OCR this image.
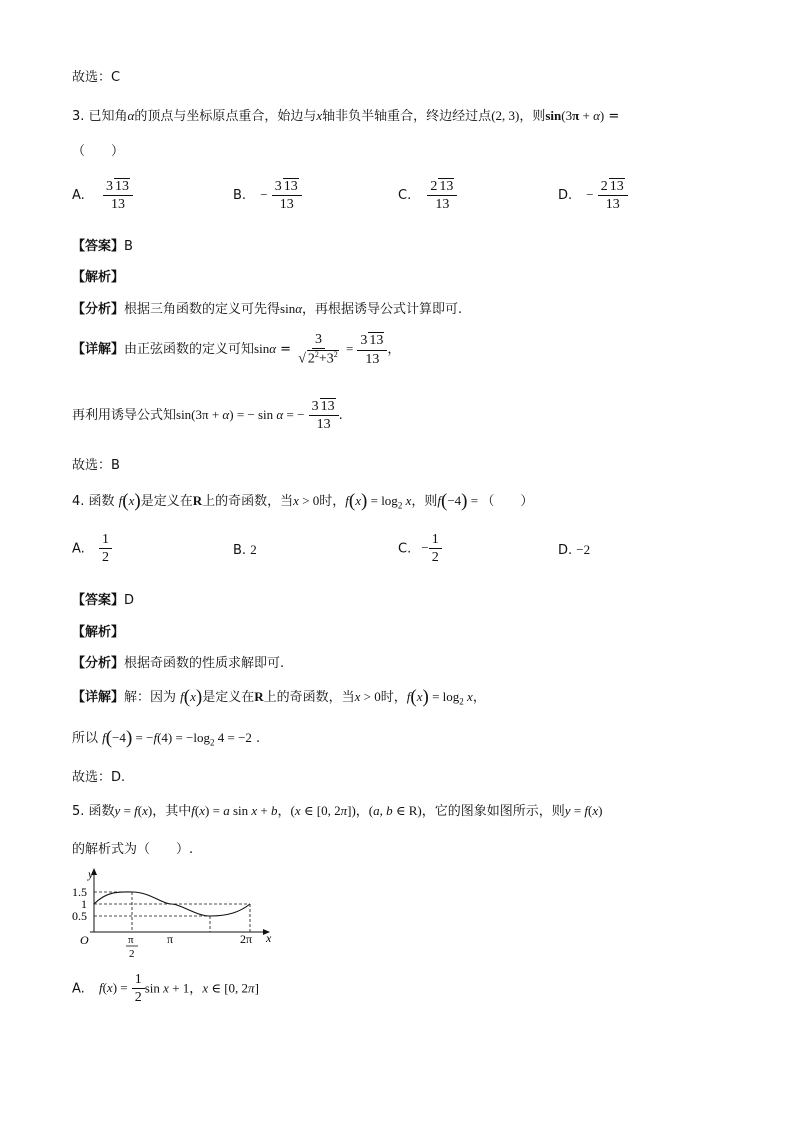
故选：C
3. 已知角α的顶点与坐标原点重合，始边与x轴非负半轴重合，终边经过点(2, 3)，则sin(3π + α) =
（　　）
A. $\frac{3 13}{13}$	B. − $\frac{3 13}{13}$	C. $\frac{2 13}{13}$	D. − $\frac{2 13}{13}$
【答案】B
【解析】
【分析】根据三角函数的定义可先得sinα，再根据诱导公式计算即可.
【详解】由正弦函数的定义可知$\sin\alpha = \frac{3}{√ 2^2+3^2} = \frac{3 13}{13}$ ，
再利用诱导公式知sin(3π + α) = − sin α = − $\frac{3 13}{13}$ .
故选：B
4. 函数 f(x)是定义在R上的奇函数，当x > 0时，$f(x) = \log_2 x$，则f(−4) = （　　）
A. $\frac{1}{2}$	B. 2	C. − $\frac{1}{2}$	D. −2
【答案】D
【解析】
【分析】根据奇函数的性质求解即可.
【详解】解：因为 f(x)是定义在R上的奇函数，当x > 0时，$f(x) = \log_2 x$，
所以 $f(-4) = -f(4) = -\log_2$ 4 = −2 .
故选：D.
5. 函数y = f(x)，其中f(x) = a sin x + b，(x ∈ [0, 2π])，(a, b ∈ R)，它的图象如图所示，则y = f(x)
的解析式为（　　）.
y
x
1.5
1
0.5
O	π
2
π	2π
A. $f(x) = \frac{1}{2}$ sin x + 1，x ∈ [0, 2π]
